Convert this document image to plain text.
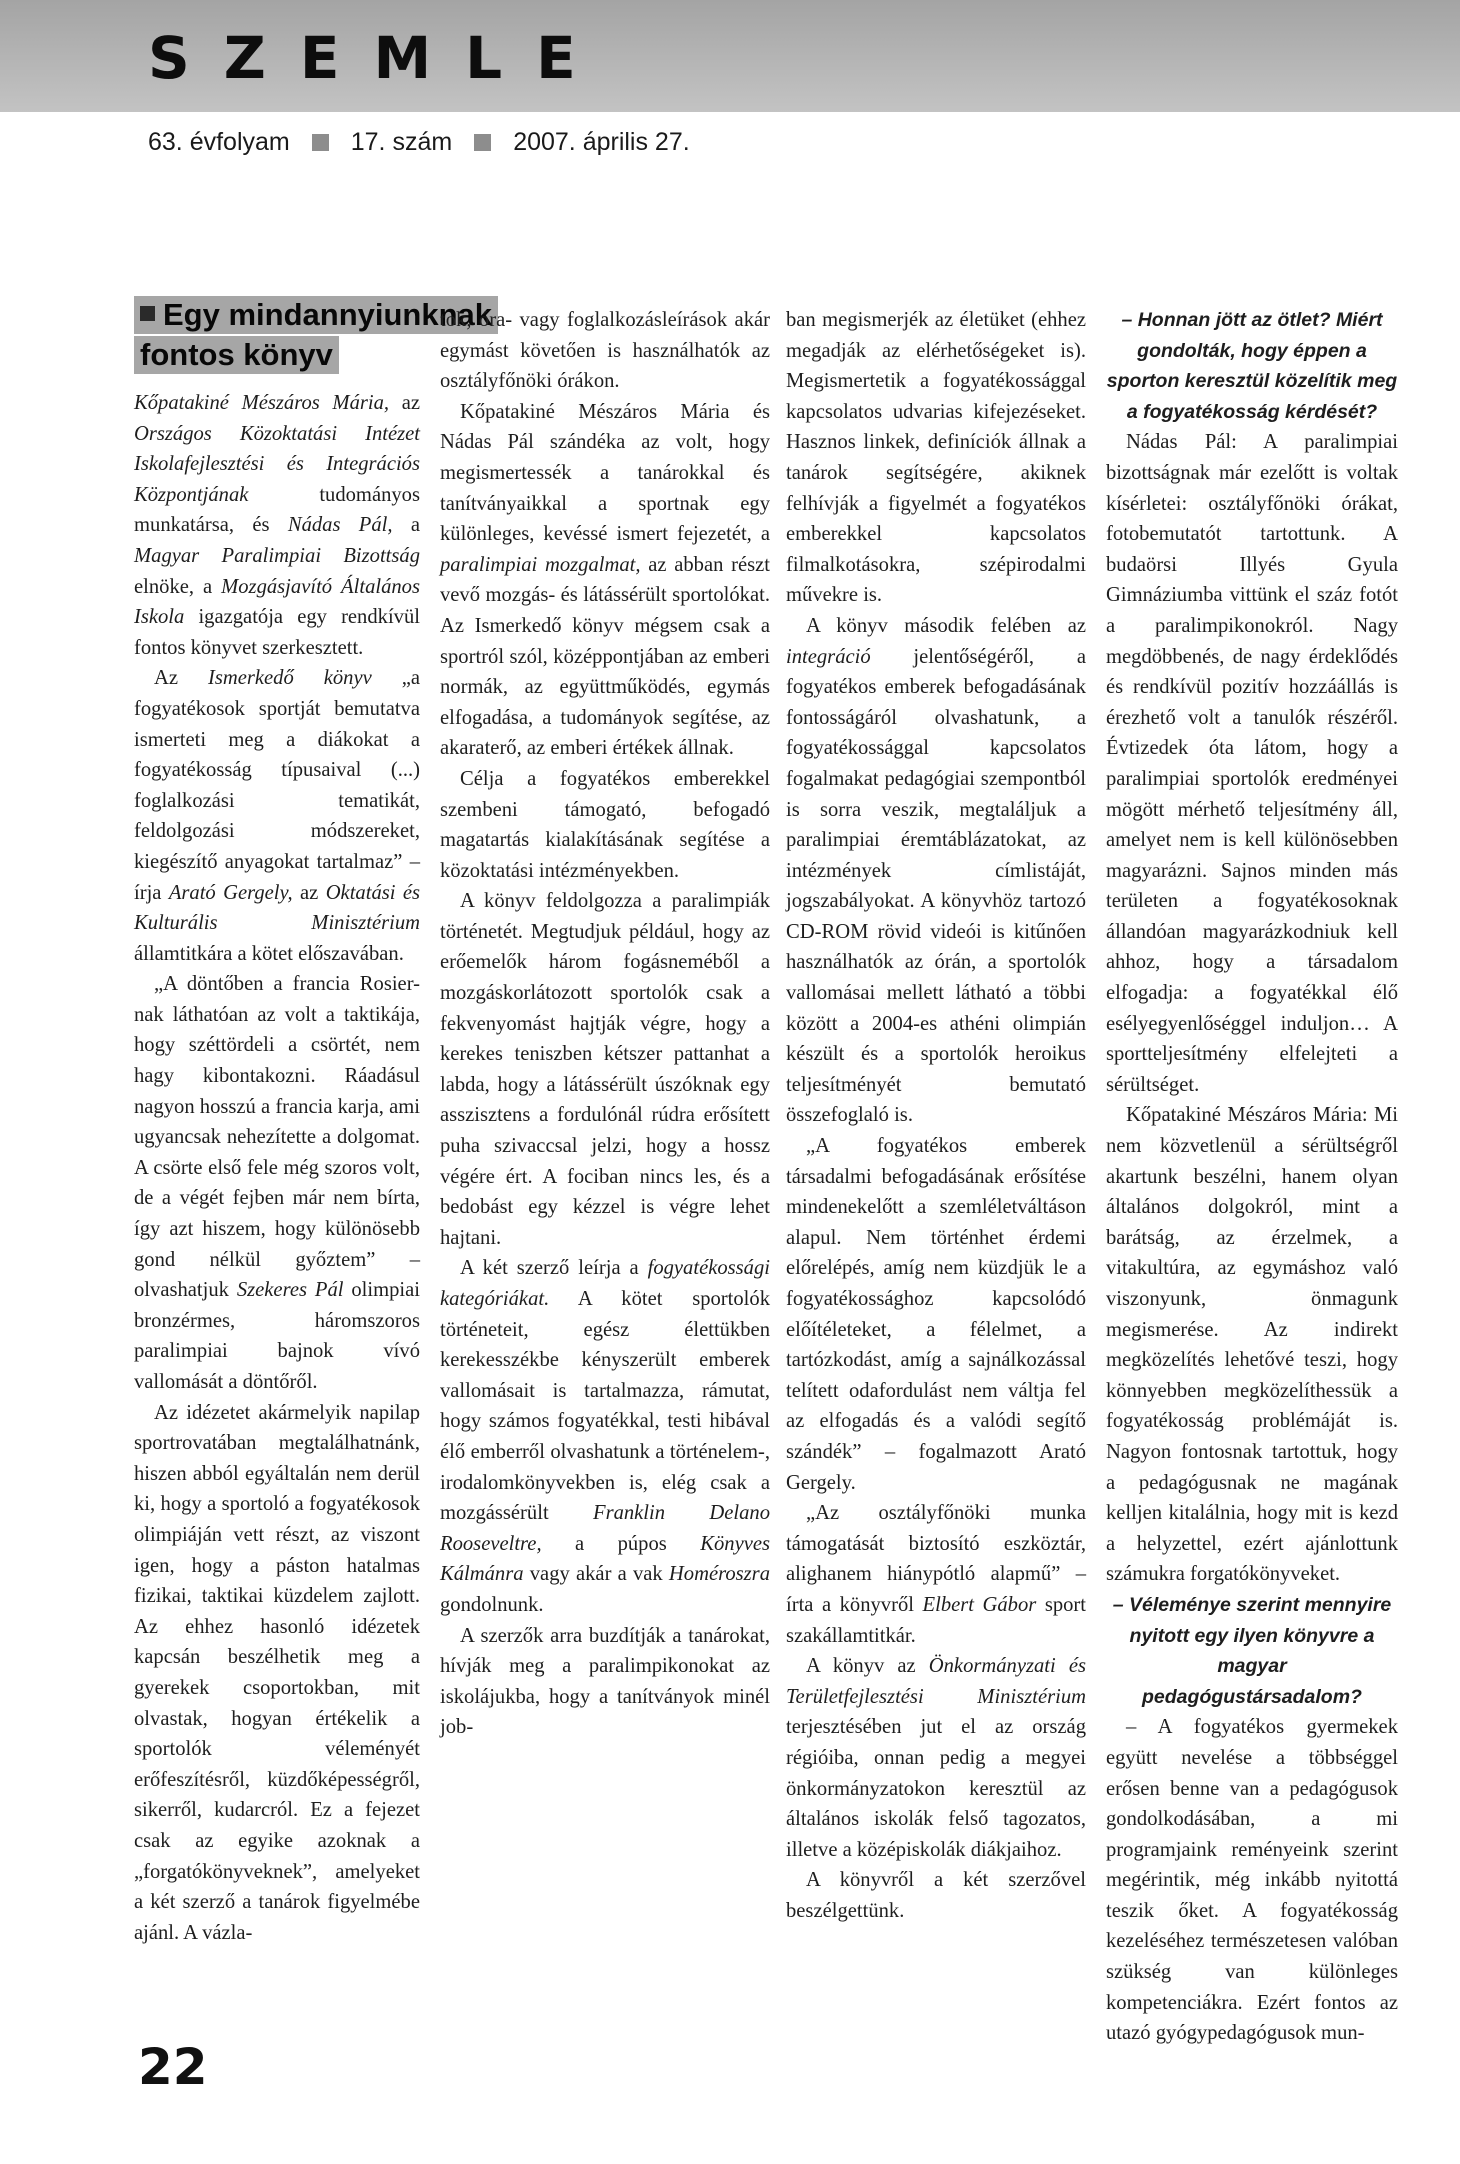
SZEMLE
63. évfolyam 17. szám 2007. április 27.
Egy mindannyiunknak
fontos könyv

Kőpatakiné Mészáros Mária, az Országos Közoktatási Intézet Iskolafejlesztési és Integrációs Központjának tudományos munkatársa, és Nádas Pál, a Magyar Paralimpiai Bizottság elnöke, a Mozgásjavító Általános Iskola igazgatója egy rendkívül fontos könyvet szerkesztett.

Az Ismerkedő könyv „a fogyatékosok sportját bemutatva ismerteti meg a diákokat a fogyatékosság típusaival (...) foglalkozási tematikát, feldolgozási módszereket, kiegészítő anyagokat tartalmaz” – írja Arató Gergely, az Oktatási és Kulturális Minisztérium államtitkára a kötet előszavában.

„A döntőben a francia Rosier-nak láthatóan az volt a taktikája, hogy széttördeli a csörtét, nem hagy kibontakozni. Ráadásul nagyon hosszú a francia karja, ami ugyancsak nehezítette a dolgomat. A csörte első fele még szoros volt, de a végét fejben már nem bírta, így azt hiszem, hogy különösebb gond nélkül győztem” – olvashatjuk Szekeres Pál olimpiai bronzérmes, háromszoros paralimpiai bajnok vívó vallomását a döntőről.

Az idézetet akármelyik napilap sportrovatában megtalálhatnánk, hiszen abból egyáltalán nem derül ki, hogy a sportoló a fogyatékosok olimpiáján vett részt, az viszont igen, hogy a páston hatalmas fizikai, taktikai küzdelem zajlott. Az ehhez hasonló idézetek kapcsán beszélhetik meg a gyerekek csoportokban, mit olvastak, hogyan értékelik a sportolók véleményét erőfeszítésről, küzdőképességről, sikerről, kudarcról. Ez a fejezet csak az egyike azoknak a „forgatókönyveknek”, amelyeket a két szerző a tanárok figyelmébe ajánl. A vázla-

tok, óra- vagy foglalkozásleírások akár egymást követően is használhatók az osztályfőnöki órákon.

Kőpatakiné Mészáros Mária és Nádas Pál szándéka az volt, hogy megismertessék a tanárokkal és tanítványaikkal a sportnak egy különleges, kevéssé ismert fejezetét, a paralimpiai mozgalmat, az abban részt vevő mozgás- és látássérült sportolókat. Az Ismerkedő könyv mégsem csak a sportról szól, középpontjában az emberi normák, az együttműködés, egymás elfogadása, a tudományok segítése, az akaraterő, az emberi értékek állnak.

Célja a fogyatékos emberekkel szembeni támogató, befogadó magatartás kialakításának segítése a közoktatási intézményekben.

A könyv feldolgozza a paralimpiák történetét. Megtudjuk például, hogy az erőemelők három fogásneméből a mozgáskorlátozott sportolók csak a fekvenyomást hajtják végre, hogy a kerekes teniszben kétszer pattanhat a labda, hogy a látássérült úszóknak egy asszisztens a fordulónál rúdra erősített puha szivaccsal jelzi, hogy a hossz végére ért. A fociban nincs les, és a bedobást egy kézzel is végre lehet hajtani.

A két szerző leírja a fogyatékossági kategóriákat. A kötet sportolók történeteit, egész élettükben kerekesszékbe kényszerült emberek vallomásait is tartalmazza, rámutat, hogy számos fogyatékkal, testi hibával élő emberről olvashatunk a történelem-, irodalomkönyvekben is, elég csak a mozgássérült Franklin Delano Rooseveltre, a púpos Könyves Kálmánra vagy akár a vak Homéroszra gondolnunk.

A szerzők arra buzdítják a tanárokat, hívják meg a paralimpikonokat az iskolájukba, hogy a tanítványok minél job-

ban megismerjék az életüket (ehhez megadják az elérhetőségeket is). Megismertetik a fogyatékossággal kapcsolatos udvarias kifejezéseket. Hasznos linkek, definíciók állnak a tanárok segítségére, akiknek felhívják a figyelmét a fogyatékos emberekkel kapcsolatos filmalkotásokra, szépirodalmi művekre is.

A könyv második felében az integráció jelentőségéről, a fogyatékos emberek befogadásának fontosságáról olvashatunk, a fogyatékossággal kapcsolatos fogalmakat pedagógiai szempontból is sorra veszik, megtaláljuk a paralimpiai éremtáblázatokat, az intézmények címlistáját, jogszabályokat. A könyvhöz tartozó CD-ROM rövid videói is kitűnően használhatók az órán, a sportolók vallomásai mellett látható a többi között a 2004-es athéni olimpián készült és a sportolók heroikus teljesítményét bemutató összefoglaló is.

„A fogyatékos emberek társadalmi befogadásának erősítése mindenekelőtt a szemléletváltáson alapul. Nem történhet érdemi előrelépés, amíg nem küzdjük le a fogyatékossághoz kapcsolódó előítéleteket, a félelmet, a tartózkodást, amíg a sajnálkozással telített odafordulást nem váltja fel az elfogadás és a valódi segítő szándék” – fogalmazott Arató Gergely.

„Az osztályfőnöki munka támogatását biztosító eszköztár, alighanem hiánypótló alapmű” – írta a könyvről Elbert Gábor sport szakállamtitkár.

A könyv az Önkormányzati és Területfejlesztési Minisztérium terjesztésében jut el az ország régióiba, onnan pedig a megyei önkormányzatokon keresztül az általános iskolák felső tagozatos, illetve a középiskolák diákjaihoz.

A könyvről a két szerzővel beszélgettünk.

– Honnan jött az ötlet? Miért gondolták, hogy éppen a sporton keresztül közelítik meg a fogyatékosság kérdését?

Nádas Pál: A paralimpiai bizottságnak már ezelőtt is voltak kísérletei: osztályfőnöki órákat, fotobemutatót tartottunk. A budaörsi Illyés Gyula Gimnáziumba vittünk el száz fotót a paralimpikonokról. Nagy megdöbbenés, de nagy érdeklődés és rendkívül pozitív hozzáállás is érezhető volt a tanulók részéről. Évtizedek óta látom, hogy a paralimpiai sportolók eredményei mögött mérhető teljesítmény áll, amelyet nem is kell különösebben magyarázni. Sajnos minden más területen a fogyatékosoknak állandóan magyarázkodniuk kell ahhoz, hogy a társadalom elfogadja: a fogyatékkal élő esélyegyenlőséggel induljon… A sportteljesítmény elfelejteti a sérültséget.

Kőpatakiné Mészáros Mária: Mi nem közvetlenül a sérültségről akartunk beszélni, hanem olyan általános dolgokról, mint a barátság, az érzelmek, a vitakultúra, az egymáshoz való viszonyunk, önmagunk megismerése. Az indirekt megközelítés lehetővé teszi, hogy könnyebben megközelíthessük a fogyatékosság problémáját is. Nagyon fontosnak tartottuk, hogy a pedagógusnak ne magának kelljen kitalálnia, hogy mit is kezd a helyzettel, ezért ajánlottunk számukra forgatókönyveket.

– Véleménye szerint mennyire nyitott egy ilyen könyvre a magyar pedagógustársadalom?

– A fogyatékos gyermekek együtt nevelése a többséggel erősen benne van a pedagógusok gondolkodásában, a mi programjaink reményeink szerint megérintik, még inkább nyitottá teszik őket. A fogyatékosság kezeléséhez természetesen valóban szükség van különleges kompetenciákra. Ezért fontos az utazó gyógypedagógusok mun-

22
